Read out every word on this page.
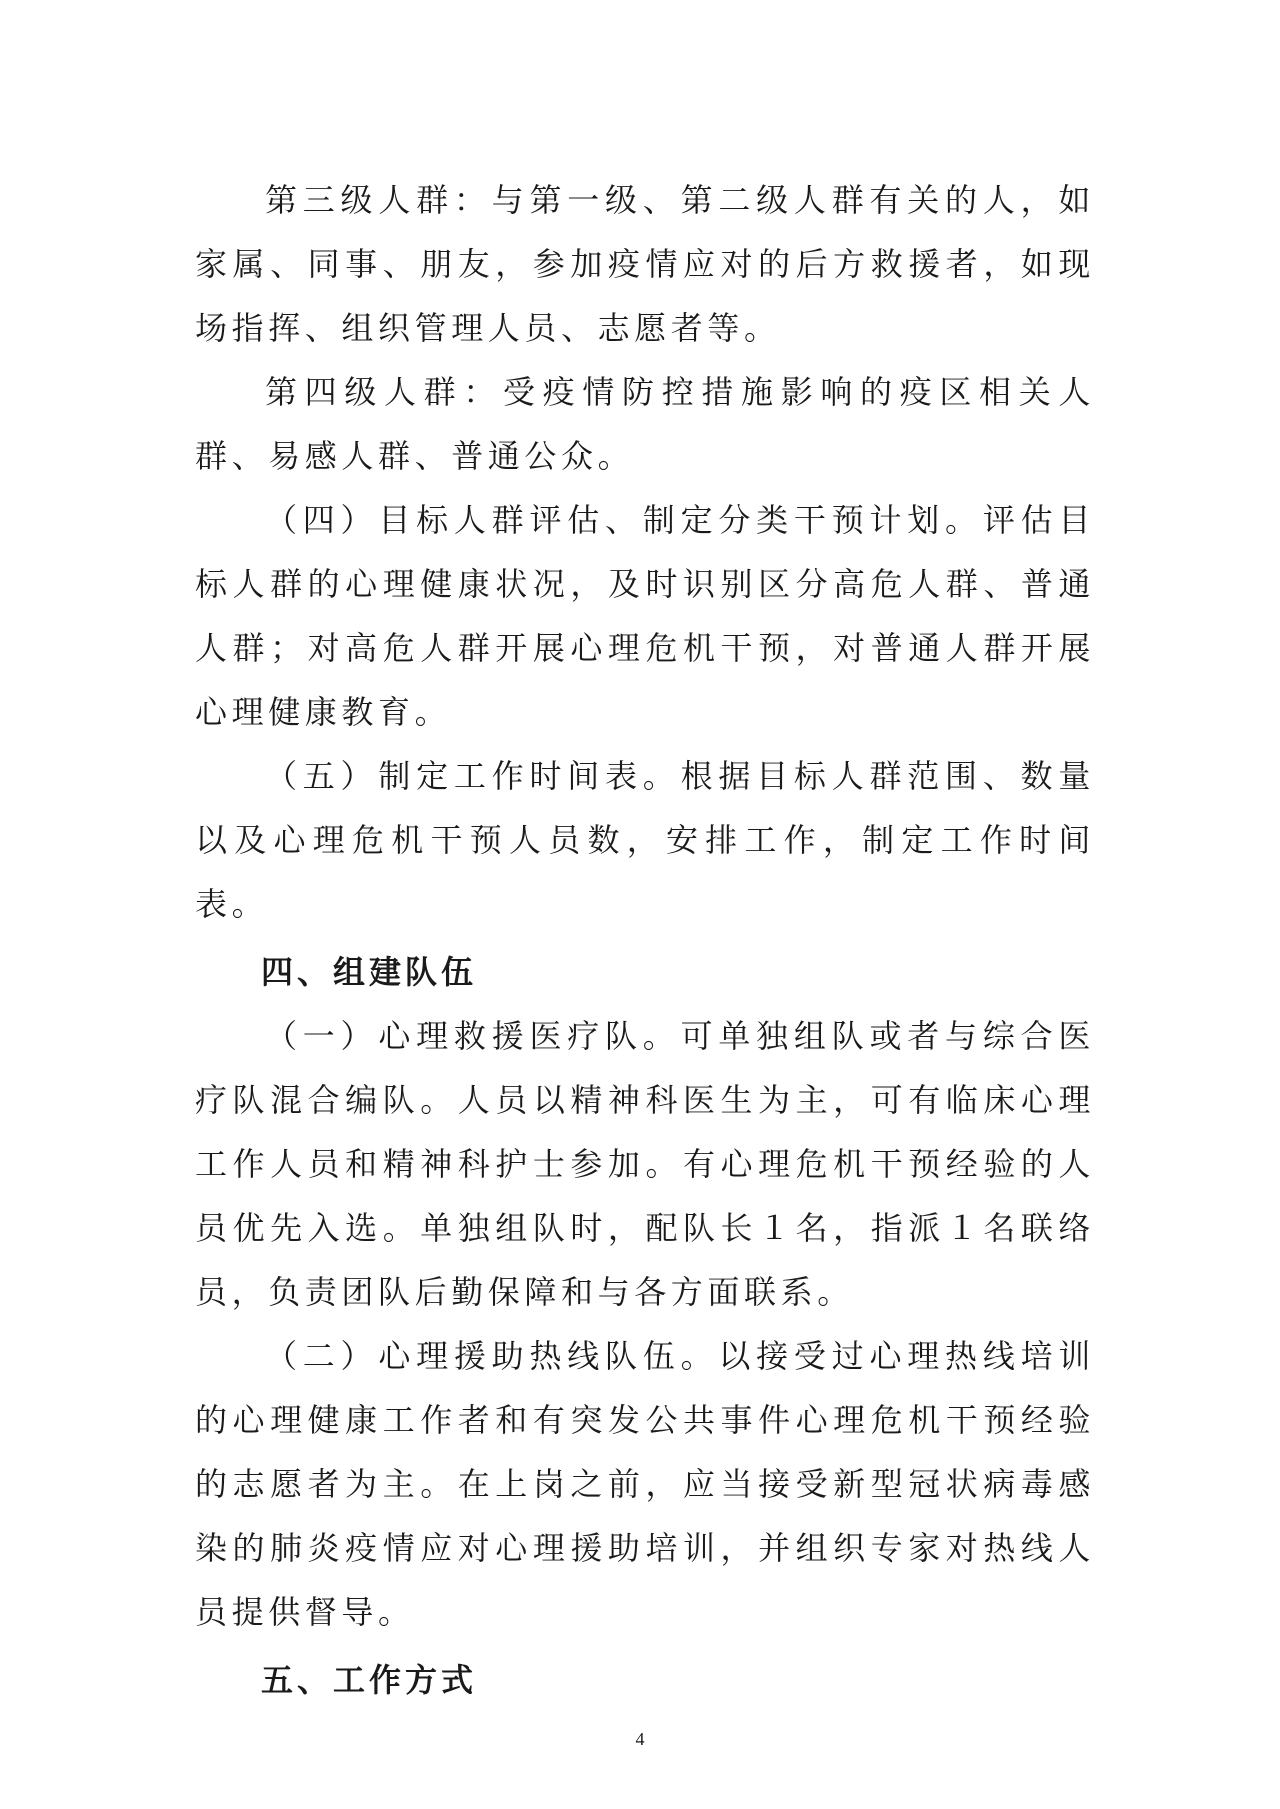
第三级人群：与第一级、第二级人群有关的人，如家属、同事、朋友，参加疫情应对的后方救援者，如现场指挥、组织管理人员、志愿者等。

第四级人群：受疫情防控措施影响的疫区相关人群、易感人群、普通公众。

（四）目标人群评估、制定分类干预计划。评估目标人群的心理健康状况，及时识别区分高危人群、普通人群；对高危人群开展心理危机干预，对普通人群开展心理健康教育。

（五）制定工作时间表。根据目标人群范围、数量以及心理危机干预人员数，安排工作，制定工作时间表。

四、组建队伍

（一）心理救援医疗队。可单独组队或者与综合医疗队混合编队。人员以精神科医生为主，可有临床心理工作人员和精神科护士参加。有心理危机干预经验的人员优先入选。单独组队时，配队长１名，指派１名联络员，负责团队后勤保障和与各方面联系。

（二）心理援助热线队伍。以接受过心理热线培训的心理健康工作者和有突发公共事件心理危机干预经验的志愿者为主。在上岗之前，应当接受新型冠状病毒感染的肺炎疫情应对心理援助培训，并组织专家对热线人员提供督导。

五、工作方式
4
